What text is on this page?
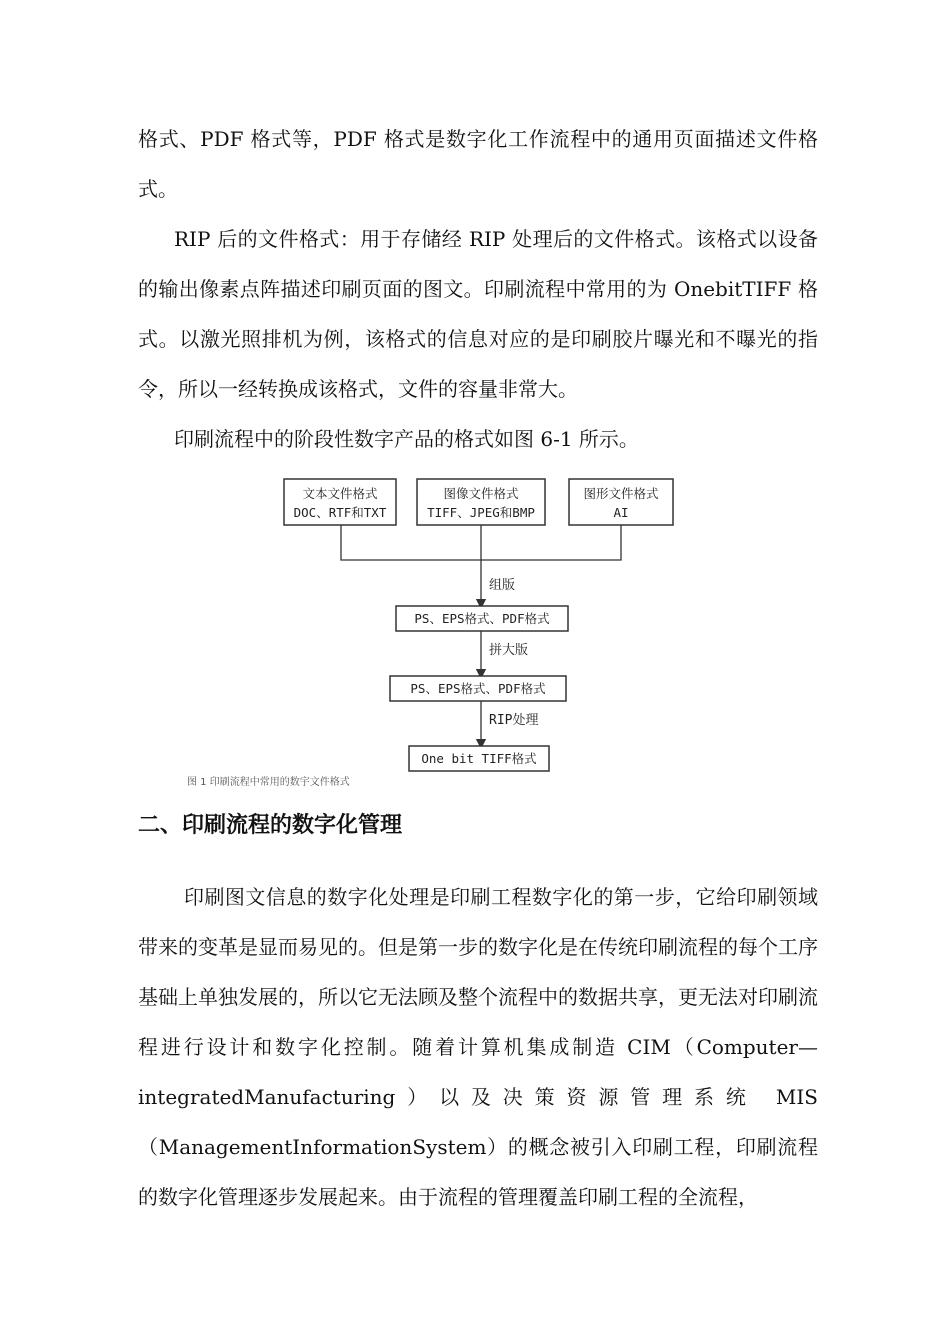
格式、PDF 格式等，PDF 格式是数字化工作流程中的通用页面描述文件格式。

RIP 后的文件格式：用于存储经 RIP 处理后的文件格式。该格式以设备的输出像素点阵描述印刷页面的图文。印刷流程中常用的为 OnebitTIFF 格式。以激光照排机为例，该格式的信息对应的是印刷胶片曝光和不曝光的指令，所以一经转换成该格式，文件的容量非常大。

印刷流程中的阶段性数字产品的格式如图 6-1 所示。

文本文件格式
DOC、RTF和TXT
图像文件格式
TIFF、JPEG和BMP
图形文件格式
AI
组版
PS、EPS格式、PDF格式
拼大版
PS、EPS格式、PDF格式
RIP处理
One bit TIFF格式
图 1 印刷流程中常用的数宇文件格式
二、印刷流程的数字化管理

印刷图文信息的数字化处理是印刷工程数字化的第一步，它给印刷领域带来的变革是显而易见的。但是第一步的数字化是在传统印刷流程的每个工序基础上单独发展的，所以它无法顾及整个流程中的数据共享，更无法对印刷流程进行设计和数字化控制。随着计算机集成制造 CIM（Computer—integratedManufacturing）以及决策资源管理系统 MIS（ManagementInformationSystem）的概念被引入印刷工程，印刷流程的数字化管理逐步发展起来。由于流程的管理覆盖印刷工程的全流程，
